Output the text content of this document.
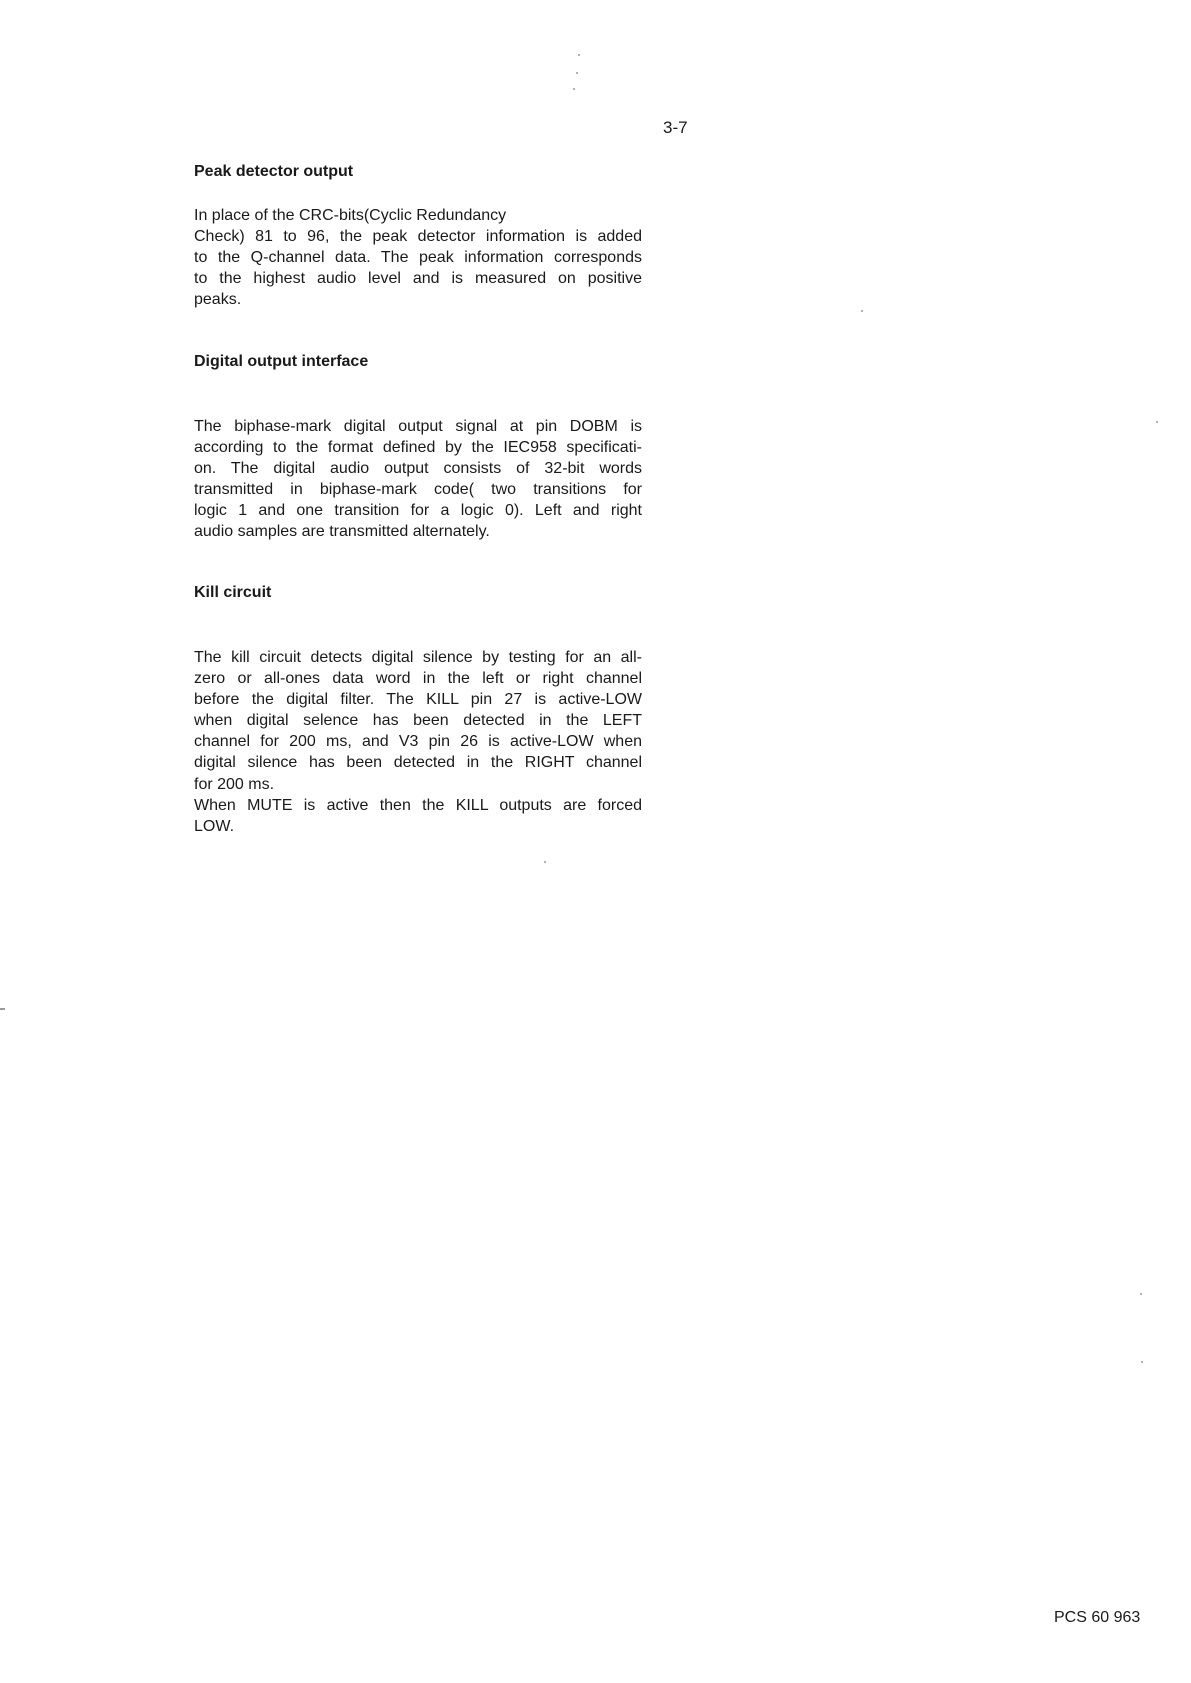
3-7
Peak detector output

In place of the CRC-bits(Cyclic Redundancy
Check) 81 to 96, the peak detector information is added
to the Q-channel data. The peak information corresponds
to the highest audio level and is measured on positive
peaks.

Digital output interface

The biphase-mark digital output signal at pin DOBM is
according to the format defined by the IEC958 specificati-
on. The digital audio output consists of 32-bit words
transmitted in biphase-mark code( two transitions for
logic 1 and one transition for a logic 0). Left and right
audio samples are transmitted alternately.

Kill circuit

The kill circuit detects digital silence by testing for an all-
zero or all-ones data word in the left or right channel
before the digital filter. The KILL pin 27 is active-LOW
when digital selence has been detected in the LEFT
channel for 200 ms, and V3 pin 26 is active-LOW when
digital silence has been detected in the RIGHT channel
for 200 ms.
When MUTE is active then the KILL outputs are forced
LOW.

PCS 60 963
